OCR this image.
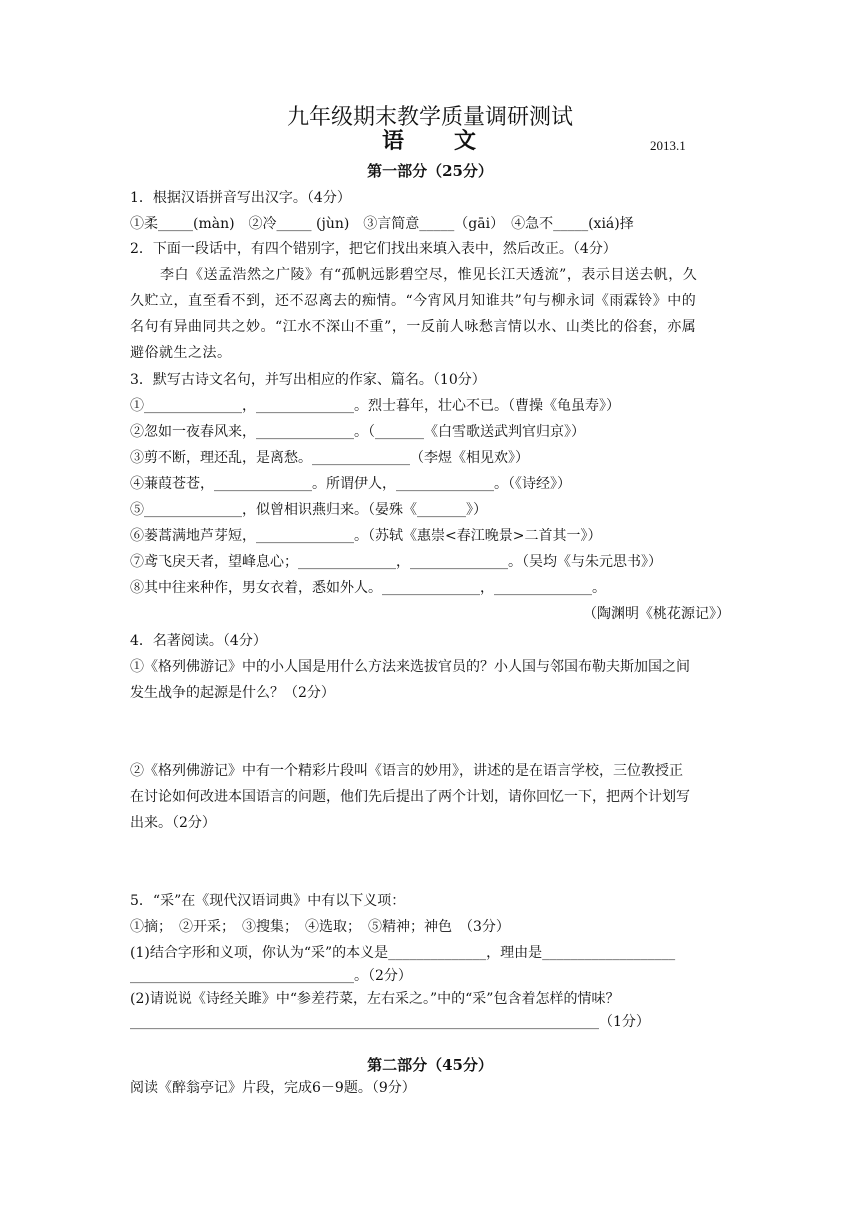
九年级期末教学质量调研测试
语文	2013.1
第一部分（25分）
1．根据汉语拼音写出汉字。（4分）
①柔_____(màn)　②冷_____ (jùn)　③言简意_____（gāi）　④急不_____(xiá)择
2．下面一段话中，有四个错别字，把它们找出来填入表中，然后改正。（4分）
李白《送孟浩然之广陵》有“孤帆远影碧空尽，惟见长江天透流”，表示目送去帆，久
久贮立，直至看不到，还不忍离去的痴情。“今宵风月知谁共”句与柳永词《雨霖铃》中的
名句有异曲同共之妙。“江水不深山不重”，一反前人咏愁言情以水、山类比的俗套，亦属
避俗就生之法。
3．默写古诗文名句，并写出相应的作家、篇名。（10分）
①______________，______________。烈士暮年，壮心不已。（曹操《龟虽寿》）
②忽如一夜春风来，______________。（_______《白雪歌送武判官归京》）
③剪不断，理还乱，是离愁。______________（李煜《相见欢》）
④蒹葭苍苍，______________。所谓伊人，______________。（《诗经》）
⑤______________，似曾相识燕归来。（晏殊《_______》）
⑥蒌蒿满地芦芽短，______________。（苏轼《惠崇<春江晚景>二首其一》）
⑦鸢飞戾天者，望峰息心；______________，______________。（吴均《与朱元思书》）
⑧其中往来种作，男女衣着，悉如外人。______________，______________。
（陶渊明《桃花源记》）
4．名著阅读。（4分）
①《格列佛游记》中的小人国是用什么方法来选拔官员的？小人国与邻国布勒夫斯加国之间
发生战争的起源是什么？（2分）
②《格列佛游记》中有一个精彩片段叫《语言的妙用》，讲述的是在语言学校，三位教授正
在讨论如何改进本国语言的问题，他们先后提出了两个计划，请你回忆一下，把两个计划写
出来。（2分）
5．“采”在《现代汉语词典》中有以下义项：
①摘；　②开采；　③搜集；　④选取；　⑤精神；神色　（3分）
(1)结合字形和义项，你认为“采”的本义是______________，理由是___________________
________________________________。（2分）
(2)请说说《诗经关雎》中“参差荇菜，左右采之。”中的“采”包含着怎样的情味？
___________________________________________________________________（1分）
第二部分（45分）
阅读《醉翁亭记》片段，完成6－9题。（9分）
